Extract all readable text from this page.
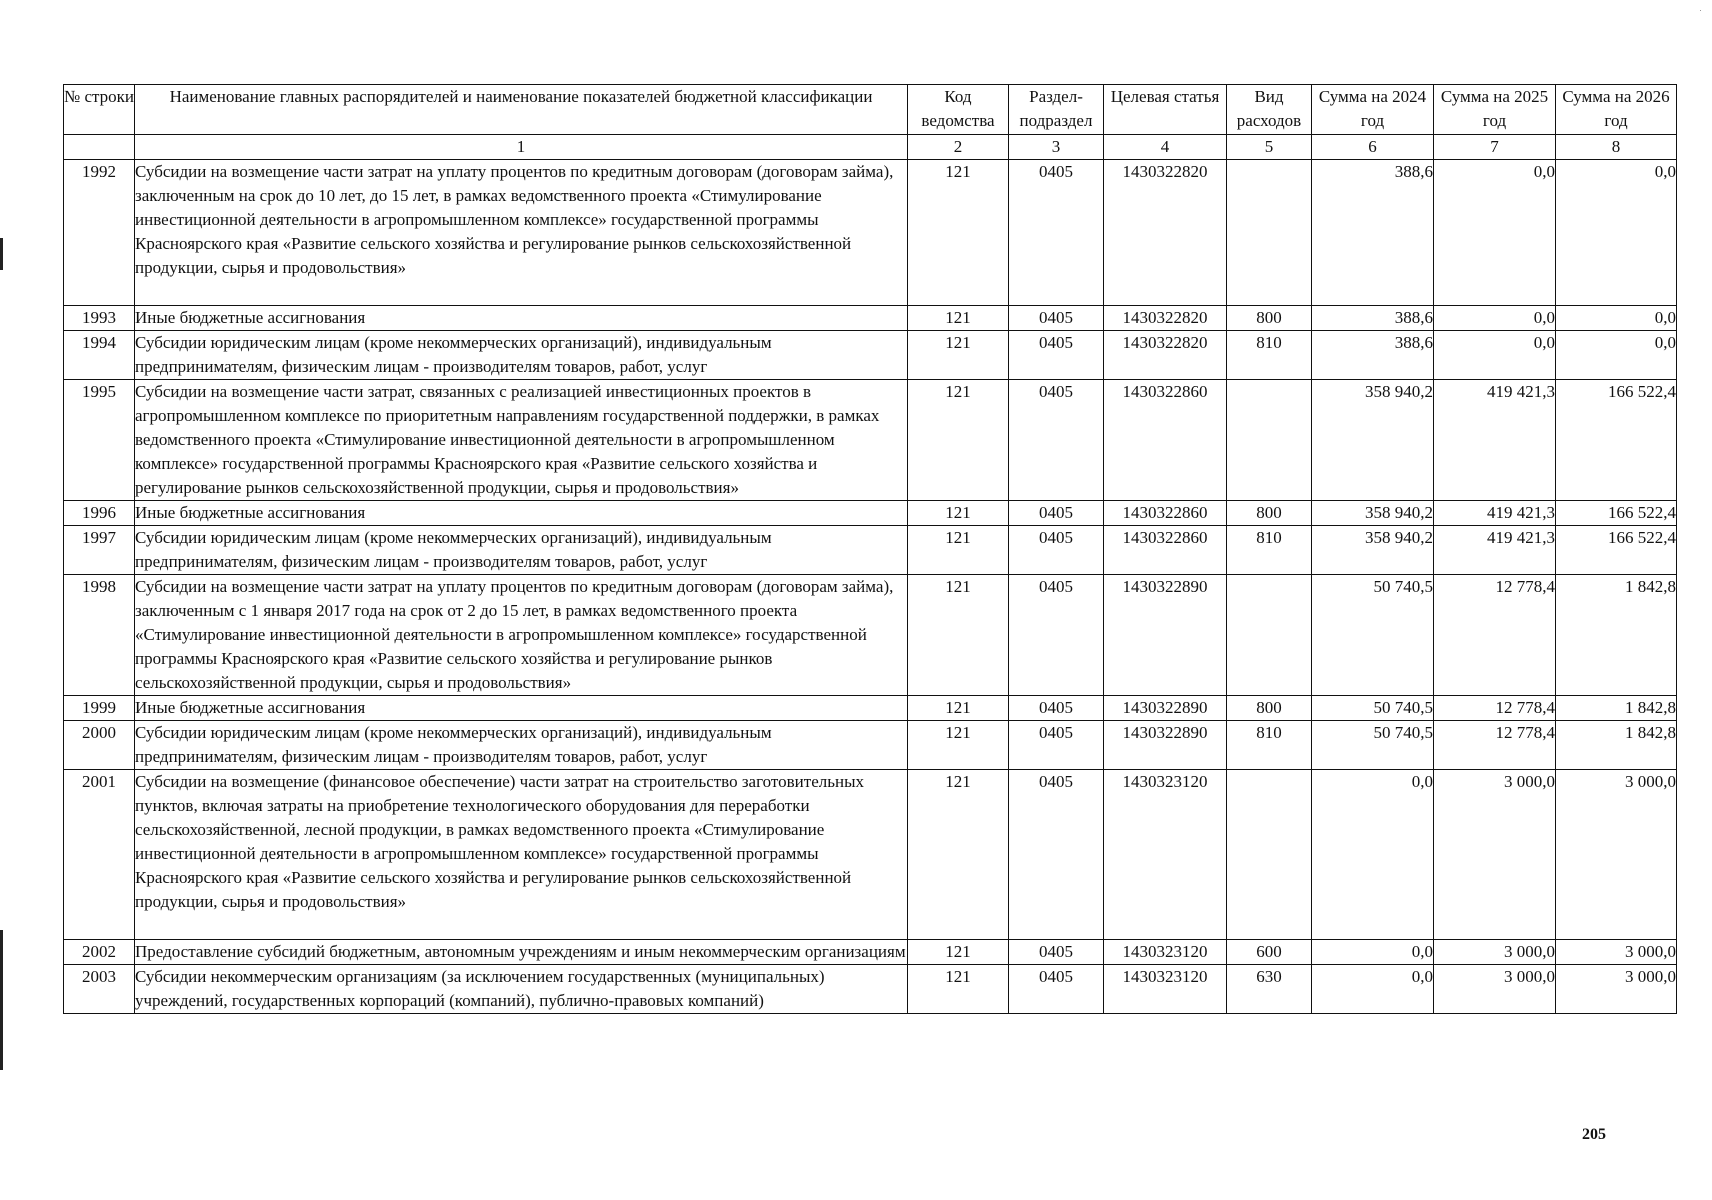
№ строки	Наименование главных распорядителей и наименование показателей бюджетной классификации	Код ведомства	Раздел-подраздел	Целевая статья	Вид расходов	Сумма на 2024 год	Сумма на 2025 год	Сумма на 2026 год
	1	2	3	4	5	6	7	8
1992	Субсидии на возмещение части затрат на уплату процентов по кредитным договорам (договорам займа), заключенным на срок до 10 лет, до 15 лет, в рамках ведомственного проекта «Стимулирование инвестиционной деятельности в агропромышленном комплексе» государственной программы Красноярского края «Развитие сельского хозяйства и регулирование рынков сельскохозяйственной продукции, сырья и продовольствия»	121	0405	1430322820		388,6	0,0	0,0
1993	Иные бюджетные ассигнования	121	0405	1430322820	800	388,6	0,0	0,0
1994	Субсидии юридическим лицам (кроме некоммерческих организаций), индивидуальным предпринимателям, физическим лицам - производителям товаров, работ, услуг	121	0405	1430322820	810	388,6	0,0	0,0
1995	Субсидии на возмещение части затрат, связанных с реализацией инвестиционных проектов в агропромышленном комплексе по приоритетным направлениям государственной поддержки, в рамках ведомственного проекта «Стимулирование инвестиционной деятельности в агропромышленном комплексе» государственной программы Красноярского края «Развитие сельского хозяйства и регулирование рынков сельскохозяйственной продукции, сырья и продовольствия»	121	0405	1430322860		358 940,2	419 421,3	166 522,4
1996	Иные бюджетные ассигнования	121	0405	1430322860	800	358 940,2	419 421,3	166 522,4
1997	Субсидии юридическим лицам (кроме некоммерческих организаций), индивидуальным предпринимателям, физическим лицам - производителям товаров, работ, услуг	121	0405	1430322860	810	358 940,2	419 421,3	166 522,4
1998	Субсидии на возмещение части затрат на уплату процентов по кредитным договорам (договорам займа), заключенным с 1 января 2017 года на срок от 2 до 15 лет, в рамках ведомственного проекта «Стимулирование инвестиционной деятельности в агропромышленном комплексе» государственной программы Красноярского края «Развитие сельского хозяйства и регулирование рынков сельскохозяйственной продукции, сырья и продовольствия»	121	0405	1430322890		50 740,5	12 778,4	1 842,8
1999	Иные бюджетные ассигнования	121	0405	1430322890	800	50 740,5	12 778,4	1 842,8
2000	Субсидии юридическим лицам (кроме некоммерческих организаций), индивидуальным предпринимателям, физическим лицам - производителям товаров, работ, услуг	121	0405	1430322890	810	50 740,5	12 778,4	1 842,8
2001	Субсидии на возмещение (финансовое обеспечение) части затрат на строительство заготовительных пунктов, включая затраты на приобретение технологического оборудования для переработки сельскохозяйственной, лесной продукции, в рамках ведомственного проекта «Стимулирование инвестиционной деятельности в агропромышленном комплексе» государственной программы Красноярского края «Развитие сельского хозяйства и регулирование рынков сельскохозяйственной продукции, сырья и продовольствия»	121	0405	1430323120		0,0	3 000,0	3 000,0
2002	Предоставление субсидий бюджетным, автономным учреждениям и иным некоммерческим организациям	121	0405	1430323120	600	0,0	3 000,0	3 000,0
2003	Субсидии некоммерческим организациям (за исключением государственных (муниципальных) учреждений, государственных корпораций (компаний), публично-правовых компаний)	121	0405	1430323120	630	0,0	3 000,0	3 000,0
205
